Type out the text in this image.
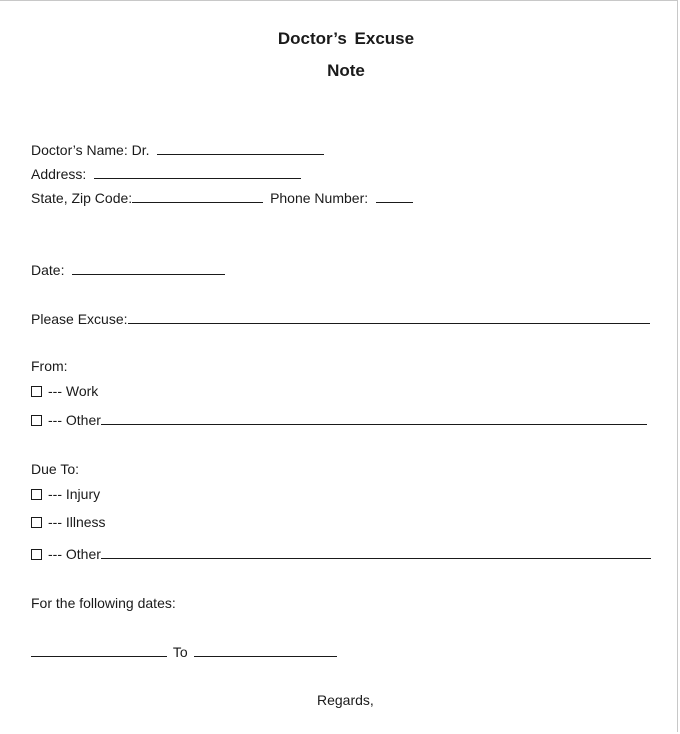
Doctor’s Excuse
Note
Doctor’s Name: Dr.
Address:
State, Zip Code:	Phone Number:
Date:
Please Excuse:
From:
--- Work
--- Other
Due To:
--- Injury
--- Illness
--- Other
For the following dates:
To
Regards,
